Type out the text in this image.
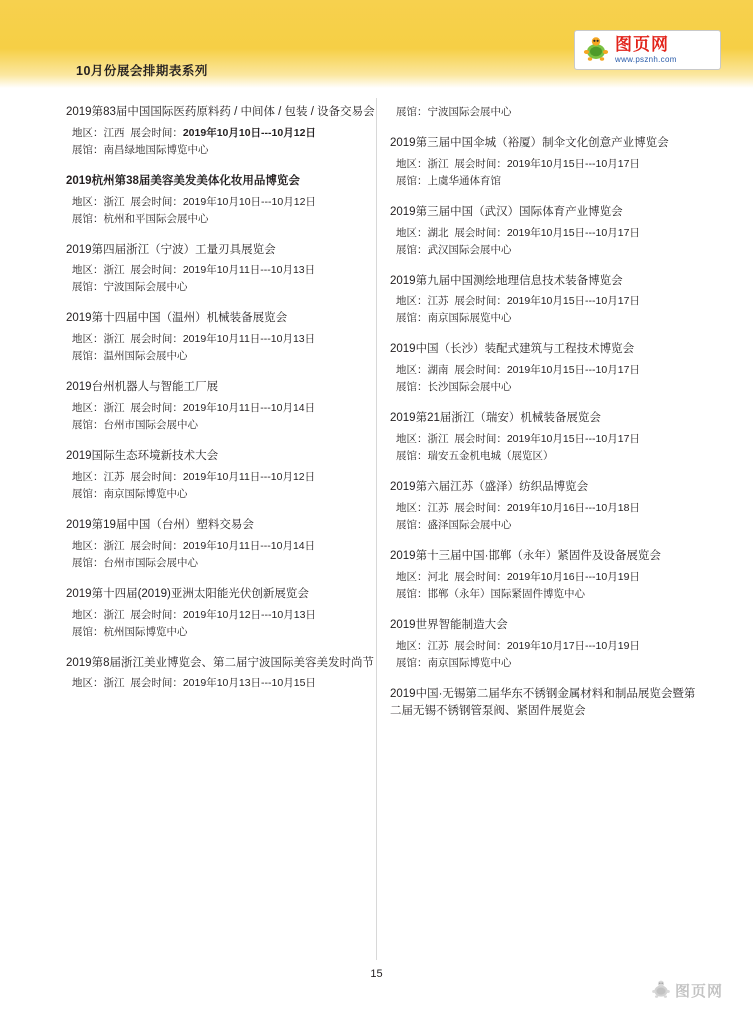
10月份展会排期表系列
图页网
www.psznh.com
2019第83届中国国际医药原料药 / 中间体 / 包装 / 设备交易会
地区：江西 展会时间：2019年10月10日---10月12日
展馆：南昌绿地国际博览中心
2019杭州第38届美容美发美体化妆用品博览会
地区：浙江 展会时间：2019年10月10日---10月12日
展馆：杭州和平国际会展中心
2019第四届浙江（宁波）工量刃具展览会
地区：浙江 展会时间：2019年10月11日---10月13日
展馆：宁波国际会展中心
2019第十四届中国（温州）机械装备展览会
地区：浙江 展会时间：2019年10月11日---10月13日
展馆：温州国际会展中心
2019台州机器人与智能工厂展
地区：浙江 展会时间：2019年10月11日---10月14日
展馆：台州市国际会展中心
2019国际生态环境新技术大会
地区：江苏 展会时间：2019年10月11日---10月12日
展馆：南京国际博览中心
2019第19届中国（台州）塑料交易会
地区：浙江 展会时间：2019年10月11日---10月14日
展馆：台州市国际会展中心
2019第十四届(2019)亚洲太阳能光伏创新展览会
地区：浙江 展会时间：2019年10月12日---10月13日
展馆：杭州国际博览中心
2019第8届浙江美业博览会、第二届宁波国际美容美发时尚节
地区：浙江 展会时间：2019年10月13日---10月15日
展馆：宁波国际会展中心
2019第三届中国伞城（裕厦）制伞文化创意产业博览会
地区：浙江 展会时间：2019年10月15日---10月17日
展馆：上虞华通体育馆
2019第三届中国（武汉）国际体育产业博览会
地区：湖北 展会时间：2019年10月15日---10月17日
展馆：武汉国际会展中心
2019第九届中国测绘地理信息技术装备博览会
地区：江苏 展会时间：2019年10月15日---10月17日
展馆：南京国际展览中心
2019中国（长沙）装配式建筑与工程技术博览会
地区：湖南 展会时间：2019年10月15日---10月17日
展馆：长沙国际会展中心
2019第21届浙江（瑞安）机械装备展览会
地区：浙江 展会时间：2019年10月15日---10月17日
展馆：瑞安五金机电城（展览区）
2019第六届江苏（盛泽）纺织品博览会
地区：江苏 展会时间：2019年10月16日---10月18日
展馆：盛泽国际会展中心
2019第十三届中国·邯郸（永年）紧固件及设备展览会
地区：河北 展会时间：2019年10月16日---10月19日
展馆：邯郸（永年）国际紧固件博览中心
2019世界智能制造大会
地区：江苏 展会时间：2019年10月17日---10月19日
展馆：南京国际博览中心
2019中国·无锡第二届华东不锈钢金属材料和制品展览会暨第二届无锡不锈钢管泵阀、紧固件展览会
15
图页网
